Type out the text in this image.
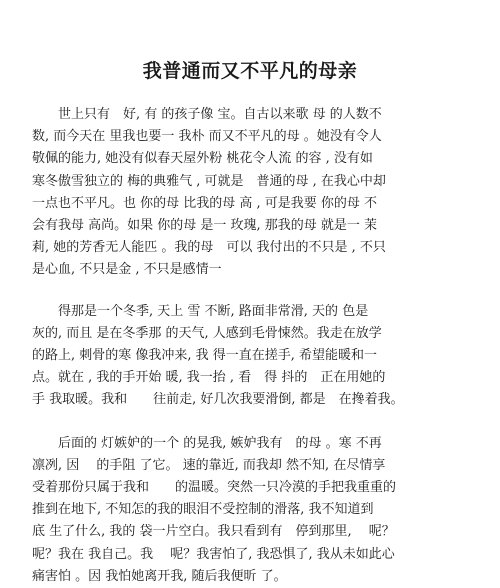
我普通而又不平凡的母亲

　　世上只有　好, 有 的孩子像 宝。自古以来歌 母 的人数不
数, 而今天在 里我也要一 我朴 而又不平凡的母 。她没有令人
敬佩的能力, 她没有似春天屋外粉 桃花令人流 的容 , 没有如
寒冬傲雪独立的 梅的典雅气 , 可就是　普通的母 , 在我心中却
一点也不平凡。也 你的母 比我的母 高 , 可是我要 你的母 不
会有我母 高尚。如果 你的母 是一 玫瑰, 那我的母 就是一 茉
莉, 她的芳香无人能匹 。我的母　可以 我付出的不只是 , 不只
是心血, 不只是金 , 不只是感情一

　　得那是一个冬季, 天上 雪 不断, 路面非常滑, 天的 色是
灰的, 而且 是在冬季那 的天气, 人感到毛骨悚然。我走在放学
的路上, 刺骨的寒 像我冲来, 我 得一直在搓手, 希望能暖和一
点。就在 , 我的手开始 暖, 我一抬 , 看　得 抖的　正在用她的
手 我取暖。我和　　往前走, 好几次我要滑倒, 都是　在搀着我。

　　后面的 灯嫉妒的一个 的晃我, 嫉妒我有　的母 。寒 不再
凛冽, 因　 的手阻 了它。 速的靠近, 而我却 然不知, 在尽情享
受着那份只属于我和　　的温暖。突然一只冷漠的手把我重重的
推到在地下, 不知怎的我的眼泪不受控制的滑落, 我不知道到
底 生了什么, 我的 袋一片空白。我只看到有　停到那里,　 呢？
呢？我在 我自己。我　 呢？我害怕了, 我恐惧了, 我从未如此心
痛害怕 。因 我怕她离开我, 随后我便昕 了。
